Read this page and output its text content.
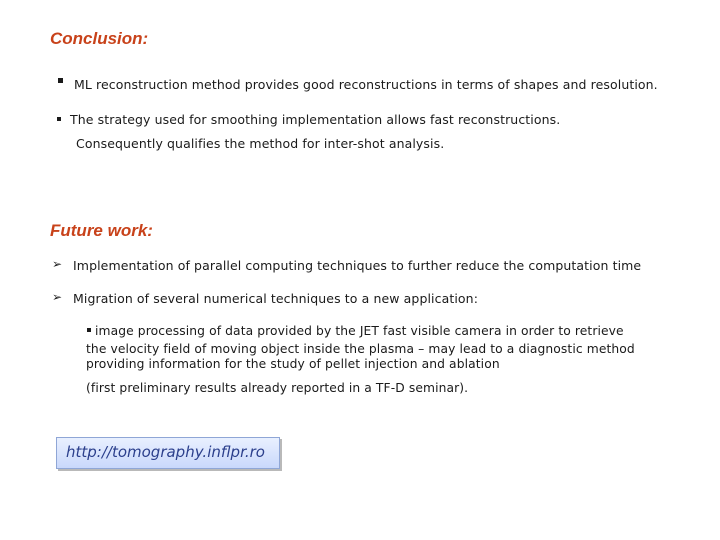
Conclusion:
ML reconstruction method provides good reconstructions in terms of shapes and resolution.
The strategy used for smoothing implementation allows fast reconstructions.
Consequently qualifies the method for inter-shot analysis.
Future work:
➢ Implementation of parallel computing techniques to further reduce the computation time
➢ Migration of several numerical techniques to a new application:
image processing of data provided by the JET fast visible camera in order to retrieve
the velocity field of moving object inside the plasma – may lead to a diagnostic method
providing information for the study of pellet injection and ablation
(first preliminary results already reported in a TF-D seminar).
http://tomography.inflpr.ro
